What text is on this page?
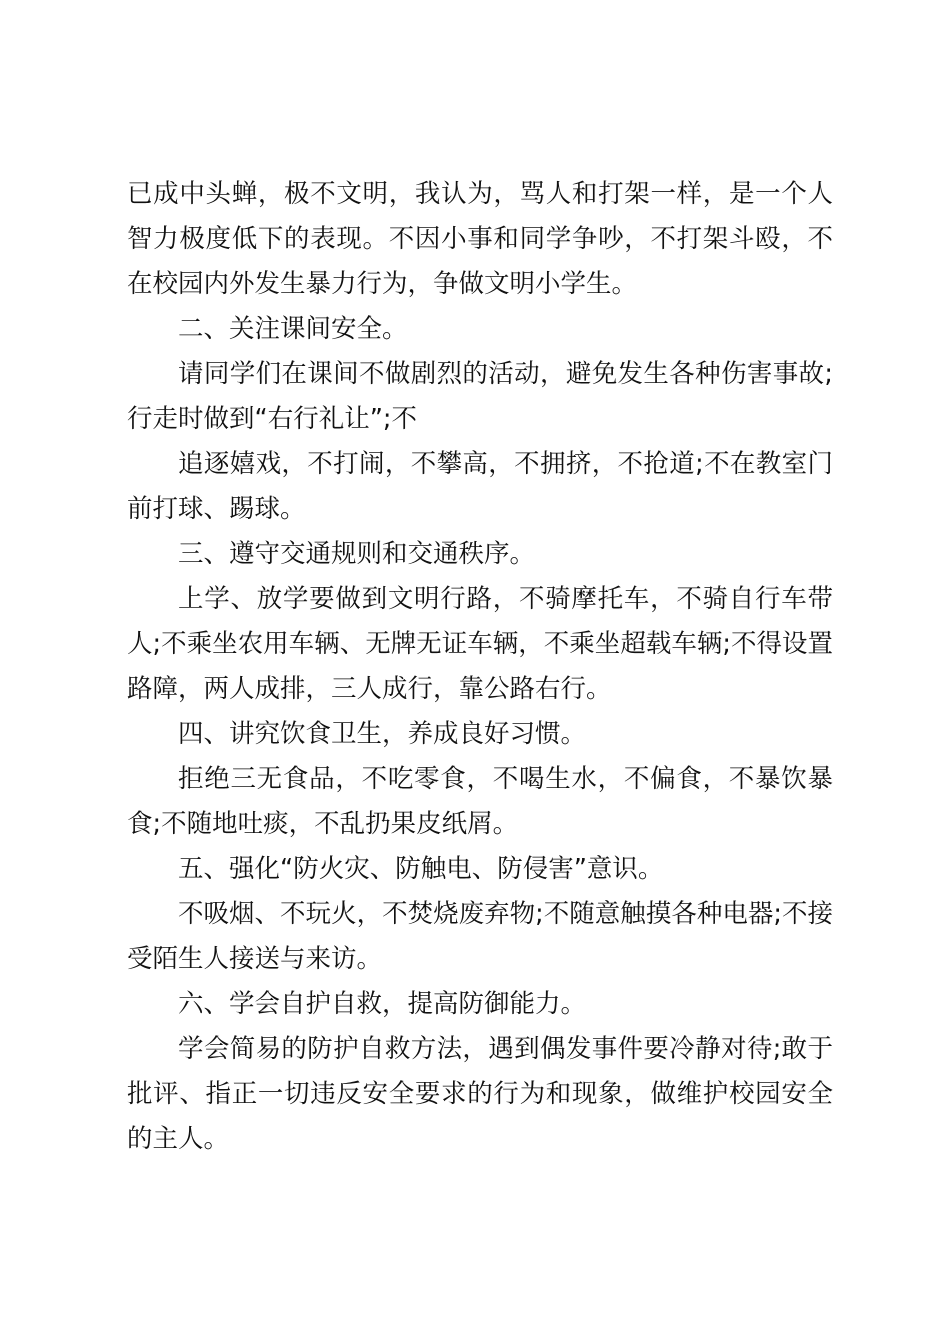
已成中头蝉，极不文明，我认为，骂人和打架一样，是一个人智力极度低下的表现。不因小事和同学争吵，不打架斗殴，不在校园内外发生暴力行为，争做文明小学生。

二、关注课间安全。

请同学们在课间不做剧烈的活动，避免发生各种伤害事故;行走时做到“右行礼让”;不

追逐嬉戏，不打闹，不攀高，不拥挤，不抢道;不在教室门前打球、踢球。

三、遵守交通规则和交通秩序。

上学、放学要做到文明行路，不骑摩托车，不骑自行车带人;不乘坐农用车辆、无牌无证车辆，不乘坐超载车辆;不得设置路障，两人成排，三人成行，靠公路右行。

四、讲究饮食卫生，养成良好习惯。

拒绝三无食品，不吃零食，不喝生水，不偏食，不暴饮暴食;不随地吐痰，不乱扔果皮纸屑。

五、强化“防火灾、防触电、防侵害”意识。

不吸烟、不玩火，不焚烧废弃物;不随意触摸各种电器;不接受陌生人接送与来访。

六、学会自护自救，提高防御能力。

学会简易的防护自救方法，遇到偶发事件要冷静对待;敢于批评、指正一切违反安全要求的行为和现象，做维护校园安全的主人。
